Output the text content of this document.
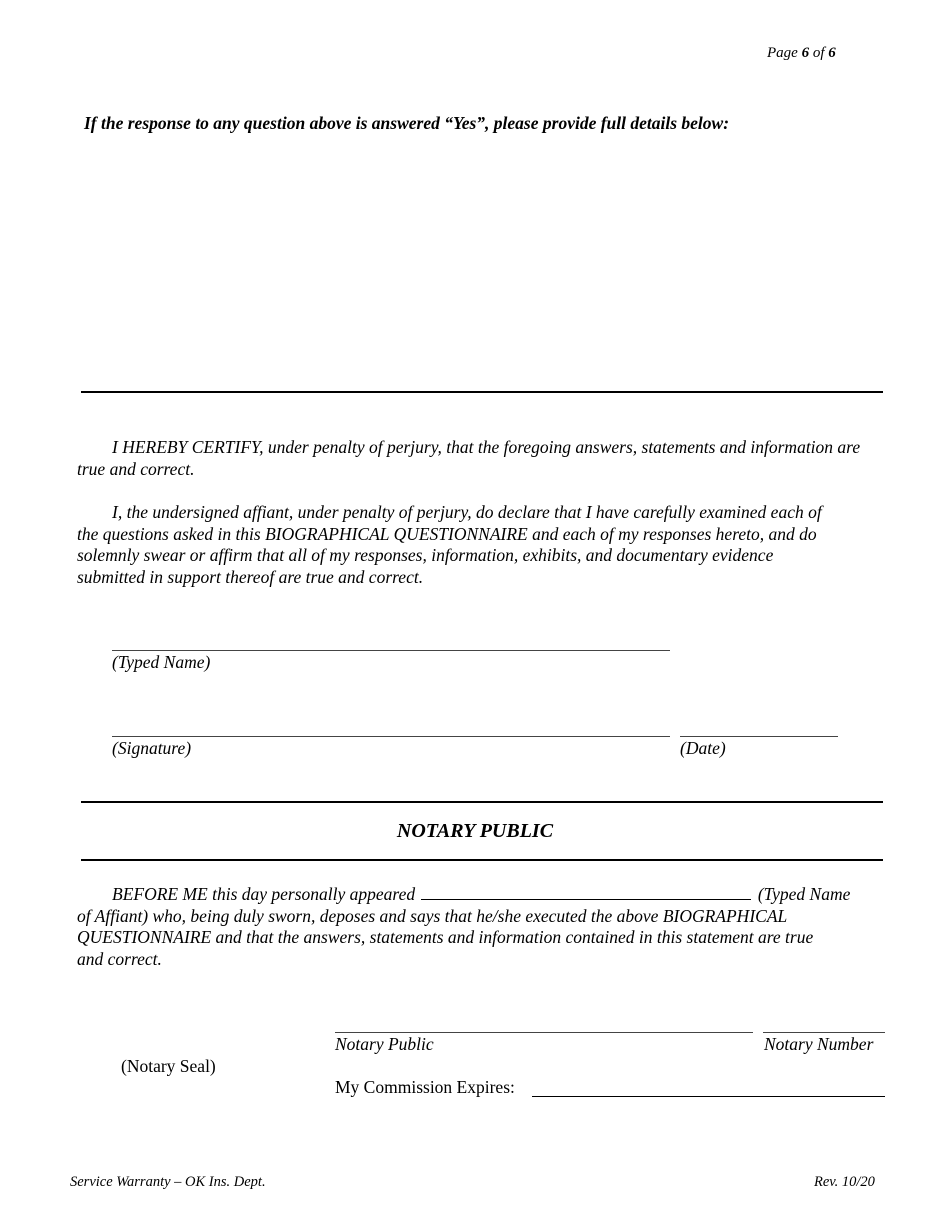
Page 6 of 6
If the response to any question above is answered “Yes”, please provide full details below:
I HEREBY CERTIFY, under penalty of perjury, that the foregoing answers, statements and information are true and correct.
I, the undersigned affiant, under penalty of perjury, do declare that I have carefully examined each of the questions asked in this BIOGRAPHICAL QUESTIONNAIRE and each of my responses hereto, and do solemnly swear or affirm that all of my responses, information, exhibits, and documentary evidence submitted in support thereof are true and correct.
(Typed Name)
(Signature)	(Date)
NOTARY PUBLIC
BEFORE ME this day personally appeared	(Typed Name
of Affiant) who, being duly sworn, deposes and says that he/she executed the above BIOGRAPHICAL
QUESTIONNAIRE and that the answers, statements and information contained in this statement are true
and correct.
Notary Public	Notary Number
(Notary Seal)
My Commission Expires:
Service Warranty – OK Ins. Dept.	Rev. 10/20
